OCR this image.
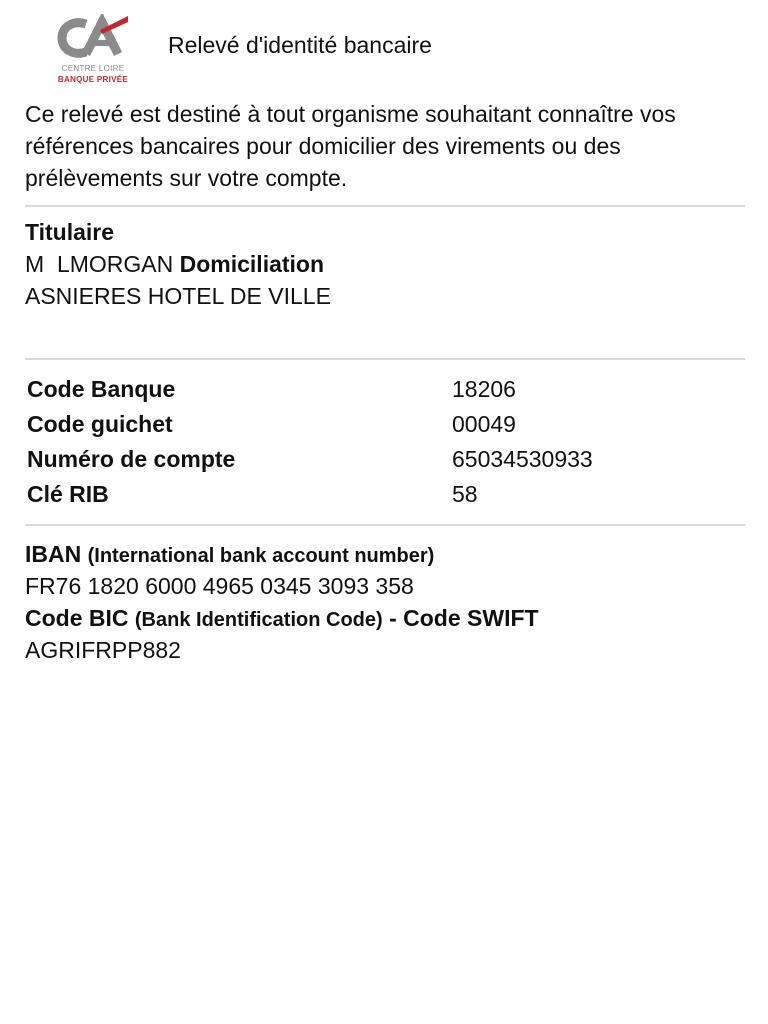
CENTRE LOIRE
BANQUE PRIVÉE
Relevé d'identité bancaire

Ce relevé est destiné à tout organisme souhaitant connaître vos références bancaires pour domicilier des virements ou des prélèvements sur votre compte.

Titulaire
M  LMORGAN Domiciliation
ASNIERES HOTEL DE VILLE
Code Banque	18206
Code guichet	00049
Numéro de compte	65034530933
Clé RIB	58
IBAN (International bank account number)
FR76 1820 6000 4965 0345 3093 358
Code BIC (Bank Identification Code) - Code SWIFT
AGRIFRPP882
